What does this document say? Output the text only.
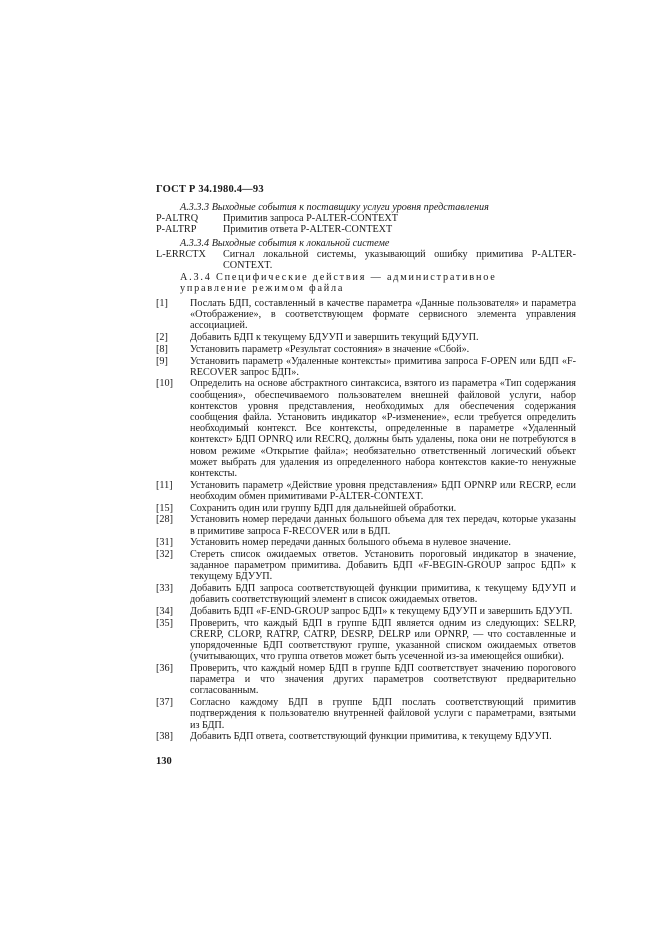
ГОСТ Р 34.1980.4—93
А.3.3.3 Выходные события к поставщику услуги уровня представления
P-ALTRQ	Примитив запроса P-ALTER-CONTEXT
P-ALTRP	Примитив ответа P-ALTER-CONTEXT
А.3.3.4 Выходные события к локальной системе
L-ERRCTX	Сигнал локальной системы, указывающий ошибку примитива P-ALTER-CONTEXT.
А.3.4 Специфические действия — административное
управление режимом файла
[1]	Послать БДП, составленный в качестве параметра «Данные пользователя» и параметра «Отображение», в соответствующем формате сервисного элемента управления ассоциацией.
[2]	Добавить БДП к текущему БДУУП и завершить текущий БДУУП.
[8]	Установить параметр «Результат состояния» в значение «Сбой».
[9]	Установить параметр «Удаленные контексты» примитива запроса F-OPEN или БДП «F-RECOVER запрос БДП».
[10]	Определить на основе абстрактного синтаксиса, взятого из параметра «Тип содержания сообщения», обеспечиваемого пользователем внешней файловой услуги, набор контекстов уровня представления, необходимых для обеспечения содержания сообщения файла. Установить индикатор «Р-изменение», если требуется определить необходимый контекст. Все контексты, определенные в параметре «Удаленный контекст» БДП OPNRQ или RECRQ, должны быть удалены, пока они не потребуются в новом режиме «Открытие файла»; необязательно ответственный логический объект может выбрать для удаления из определенного набора контекстов какие-то ненужные контексты.
[11]	Установить параметр «Действие уровня представления» БДП OPNRP или RECRP, если необходим обмен примитивами P-ALTER-CONTEXT.
[15]	Сохранить один или группу БДП для дальнейшей обработки.
[28]	Установить номер передачи данных большого объема для тех передач, которые указаны в примитиве запроса F-RECOVER или в БДП.
[31]	Установить номер передачи данных большого объема в нулевое значение.
[32]	Стереть список ожидаемых ответов. Установить пороговый индикатор в значение, заданное параметром примитива. Добавить БДП «F-BEGIN-GROUP запрос БДП» к текущему БДУУП.
[33]	Добавить БДП запроса соответствующей функции примитива, к текущему БДУУП и добавить соответствующий элемент в список ожидаемых ответов.
[34]	Добавить БДП «F-END-GROUP запрос БДП» к текущему БДУУП и завершить БДУУП.
[35]	Проверить, что каждый БДП в группе БДП является одним из следующих: SELRP, CRERP, CLORP, RATRP, CATRP, DESRP, DELRP или OPNRP, — что составленные и упорядоченные БДП соответствуют группе, указанной списком ожидаемых ответов (учитывающих, что группа ответов может быть усеченной из-за имеющейся ошибки).
[36]	Проверить, что каждый номер БДП в группе БДП соответствует значению порогового параметра и что значения других параметров соответствуют предварительно согласованным.
[37]	Согласно каждому БДП в группе БДП послать соответствующий примитив подтверждения к пользователю внутренней файловой услуги с параметрами, взятыми из БДП.
[38]	Добавить БДП ответа, соответствующий функции примитива, к текущему БДУУП.
130
